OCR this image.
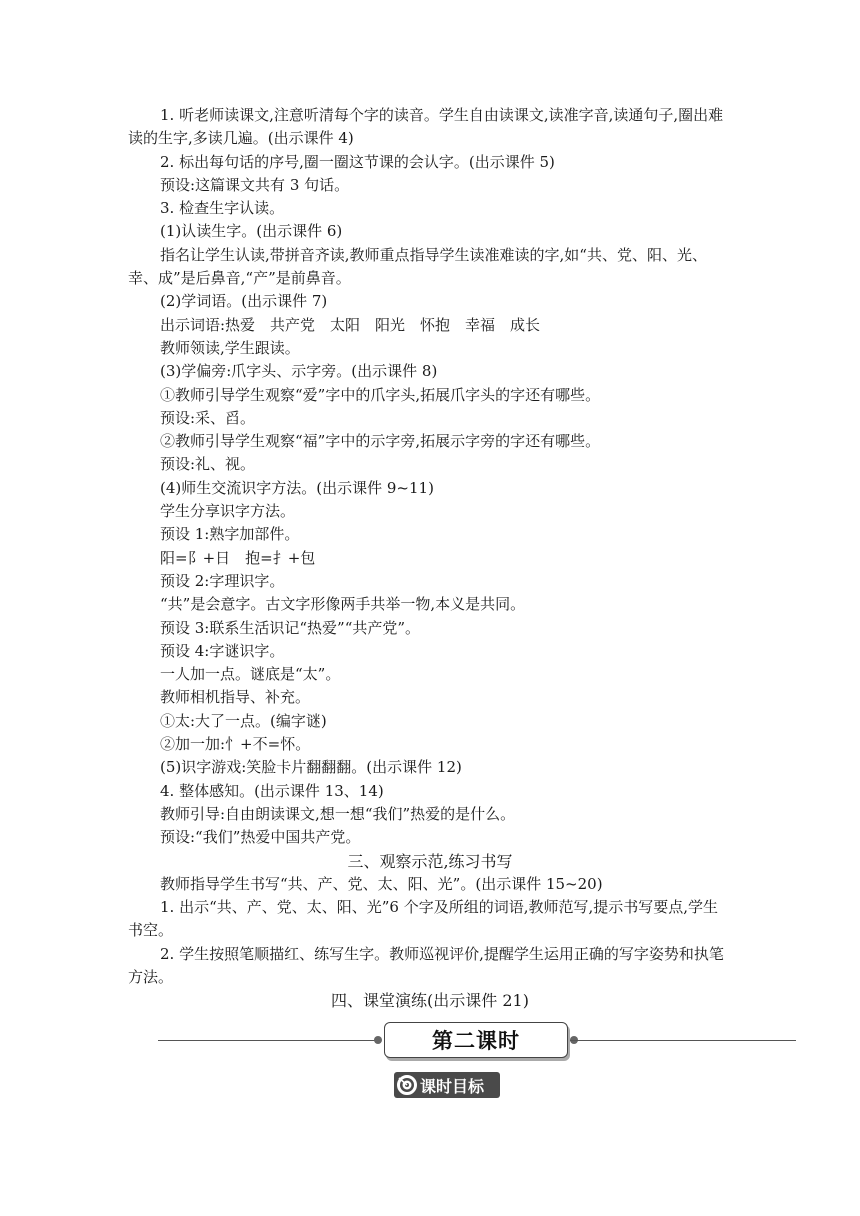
1. 听老师读课文,注意听清每个字的读音。学生自由读课文,读准字音,读通句子,圈出难读的生字,多读几遍。(出示课件 4)

2. 标出每句话的序号,圈一圈这节课的会认字。(出示课件 5)

预设:这篇课文共有 3 句话。

3. 检查生字认读。

(1)认读生字。(出示课件 6)

指名让学生认读,带拼音齐读,教师重点指导学生读准难读的字,如“共、党、阳、光、幸、成”是后鼻音,“产”是前鼻音。

(2)学词语。(出示课件 7)

出示词语:热爱　共产党　太阳　阳光　怀抱　幸福　成长

教师领读,学生跟读。

(3)学偏旁:爪字头、示字旁。(出示课件 8)

①教师引导学生观察“爱”字中的爪字头,拓展爪字头的字还有哪些。

预设:采、舀。

②教师引导学生观察“福”字中的示字旁,拓展示字旁的字还有哪些。

预设:礼、视。

(4)师生交流识字方法。(出示课件 9~11)

学生分享识字方法。

预设 1:熟字加部件。

阳=阝+日　抱=扌+包

预设 2:字理识字。

“共”是会意字。古文字形像两手共举一物,本义是共同。

预设 3:联系生活识记“热爱”“共产党”。

预设 4:字谜识字。

一人加一点。谜底是“太”。

教师相机指导、补充。

①太:大了一点。(编字谜)

②加一加:忄+不=怀。

(5)识字游戏:笑脸卡片翻翻翻。(出示课件 12)

4. 整体感知。(出示课件 13、14)

教师引导:自由朗读课文,想一想“我们”热爱的是什么。

预设:“我们”热爱中国共产党。

三、观察示范,练习书写

教师指导学生书写“共、产、党、太、阳、光”。(出示课件 15~20)

1. 出示“共、产、党、太、阳、光”6 个字及所组的词语,教师范写,提示书写要点,学生书空。

2. 学生按照笔顺描红、练写生字。教师巡视评价,提醒学生运用正确的写字姿势和执笔方法。

四、课堂演练(出示课件 21)

第二课时
课时目标
